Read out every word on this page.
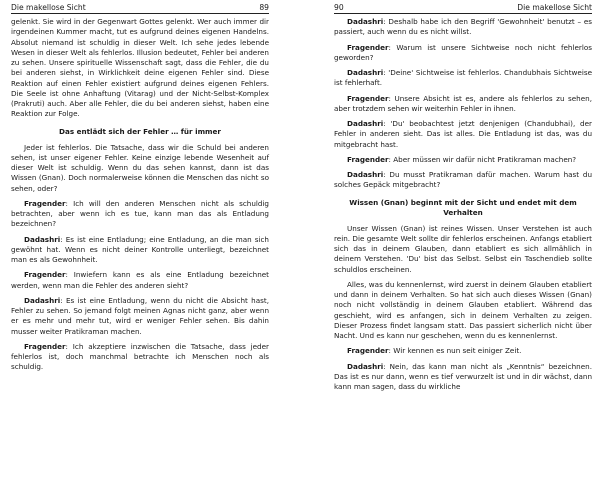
Die makellose Sicht	89

gelenkt. Sie wird in der Gegenwart Gottes gelenkt. Wer auch immer dir irgendeinen Kummer macht, tut es aufgrund deines eigenen Handelns. Absolut niemand ist schuldig in dieser Welt. Ich sehe jedes lebende Wesen in dieser Welt als fehlerlos. Illusion bedeutet, Fehler bei anderen zu sehen. Unsere spirituelle Wissenschaft sagt, dass die Fehler, die du bei anderen siehst, in Wirklichkeit deine eigenen Fehler sind. Diese Reaktion auf einen Fehler existiert aufgrund deines eigenen Fehlers. Die Seele ist ohne Anhaftung (Vitarag) und der Nicht-Selbst-Komplex (Prakruti) auch. Aber alle Fehler, die du bei anderen siehst, haben eine Reaktion zur Folge.

Das entlädt sich der Fehler … für immer

Jeder ist fehlerlos. Die Tatsache, dass wir die Schuld bei anderen sehen, ist unser eigener Fehler. Keine einzige lebende Wesenheit auf dieser Welt ist schuldig. Wenn du das sehen kannst, dann ist das Wissen (Gnan). Doch normalerweise können die Menschen das nicht so sehen, oder?

Fragender: Ich will den anderen Menschen nicht als schuldig betrachten, aber wenn ich es tue, kann man das als Entladung bezeichnen?

Dadashri: Es ist eine Entladung; eine Entladung, an die man sich gewöhnt hat. Wenn es nicht deiner Kontrolle unterliegt, bezeichnet man es als Gewohnheit.

Fragender: Inwiefern kann es als eine Entladung bezeichnet werden, wenn man die Fehler des anderen sieht?

Dadashri: Es ist eine Entladung, wenn du nicht die Absicht hast, Fehler zu sehen. So jemand folgt meinen Agnas nicht ganz, aber wenn er es mehr und mehr tut, wird er weniger Fehler sehen. Bis dahin musser weiter Pratikraman machen.

Fragender: Ich akzeptiere inzwischen die Tatsache, dass jeder fehlerlos ist, doch manchmal betrachte ich Menschen noch als schuldig.

90	Die makellose Sicht

Dadashri: Deshalb habe ich den Begriff 'Gewohnheit' benutzt – es passiert, auch wenn du es nicht willst.

Fragender: Warum ist unsere Sichtweise noch nicht fehlerlos geworden?

Dadashri: 'Deine' Sichtweise ist fehlerlos. Chandubhais Sichtweise ist fehlerhaft.

Fragender: Unsere Absicht ist es, andere als fehlerlos zu sehen, aber trotzdem sehen wir weiterhin Fehler in ihnen.

Dadashri: 'Du' beobachtest jetzt denjenigen (Chandubhai), der Fehler in anderen sieht. Das ist alles. Die Entladung ist das, was du mitgebracht hast.

Fragender: Aber müssen wir dafür nicht Pratikraman machen?

Dadashri: Du musst Pratikraman dafür machen. Warum hast du solches Gepäck mitgebracht?

Wissen (Gnan) beginnt mit der Sicht und endet mit dem Verhalten

Unser Wissen (Gnan) ist reines Wissen. Unser Verstehen ist auch rein. Die gesamte Welt sollte dir fehlerlos erscheinen. Anfangs etabliert sich das in deinem Glauben, dann etabliert es sich allmählich in deinem Verstehen. 'Du' bist das Selbst. Selbst ein Taschendieb sollte schuldlos erscheinen.

Alles, was du kennenlernst, wird zuerst in deinem Glauben etabliert und dann in deinem Verhalten. So hat sich auch dieses Wissen (Gnan) noch nicht vollständig in deinem Glauben etabliert. Während das geschieht, wird es anfangen, sich in deinem Verhalten zu zeigen. Dieser Prozess findet langsam statt. Das passiert sicherlich nicht über Nacht. Und es kann nur geschehen, wenn du es kennenlernst.

Fragender: Wir kennen es nun seit einiger Zeit.

Dadashri: Nein, das kann man nicht als „Kenntnis“ bezeichnen. Das ist es nur dann, wenn es tief verwurzelt ist und in dir wächst, dann kann man sagen, dass du wirkliche
